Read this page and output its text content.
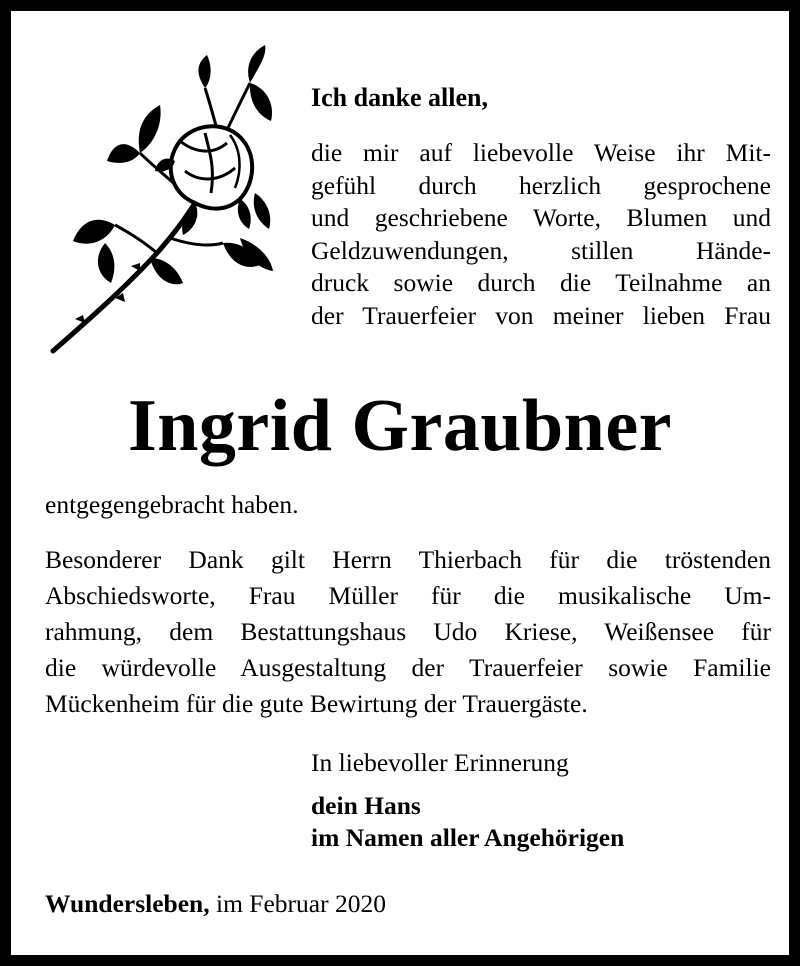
Ich danke allen,
die mir auf liebevolle Weise ihr Mit-
gefühl durch herzlich gesprochene
und geschriebene Worte, Blumen und
Geldzuwendungen, stillen Hände-
druck sowie durch die Teilnahme an
der Trauerfeier von meiner lieben Frau
Ingrid Graubner
entgegengebracht haben.
Besonderer Dank gilt Herrn Thierbach für die tröstenden
Abschiedsworte, Frau Müller für die musikalische Um-
rahmung, dem Bestattungshaus Udo Kriese, Weißensee für
die würdevolle Ausgestaltung der Trauerfeier sowie Familie
Mückenheim für die gute Bewirtung der Trauergäste.
In liebevoller Erinnerung
dein Hans
im Namen aller Angehörigen
Wundersleben, im Februar 2020
